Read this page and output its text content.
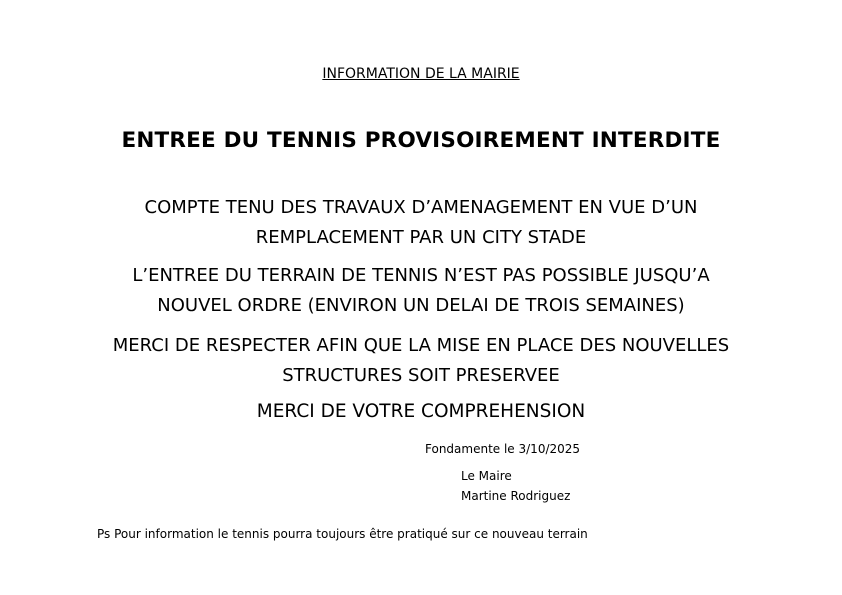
INFORMATION DE LA MAIRIE
ENTREE DU TENNIS PROVISOIREMENT INTERDITE
COMPTE TENU DES TRAVAUX D’AMENAGEMENT EN VUE D’UN
REMPLACEMENT PAR UN CITY STADE
L’ENTREE DU TERRAIN DE TENNIS N’EST PAS POSSIBLE JUSQU’A
NOUVEL ORDRE (ENVIRON UN DELAI DE TROIS SEMAINES)
MERCI DE RESPECTER AFIN QUE LA MISE EN PLACE DES NOUVELLES
STRUCTURES SOIT PRESERVEE
MERCI DE VOTRE COMPREHENSION
Fondamente le 3/10/2025
Le Maire
Martine Rodriguez
Ps Pour information le tennis pourra toujours être pratiqué sur ce nouveau terrain
